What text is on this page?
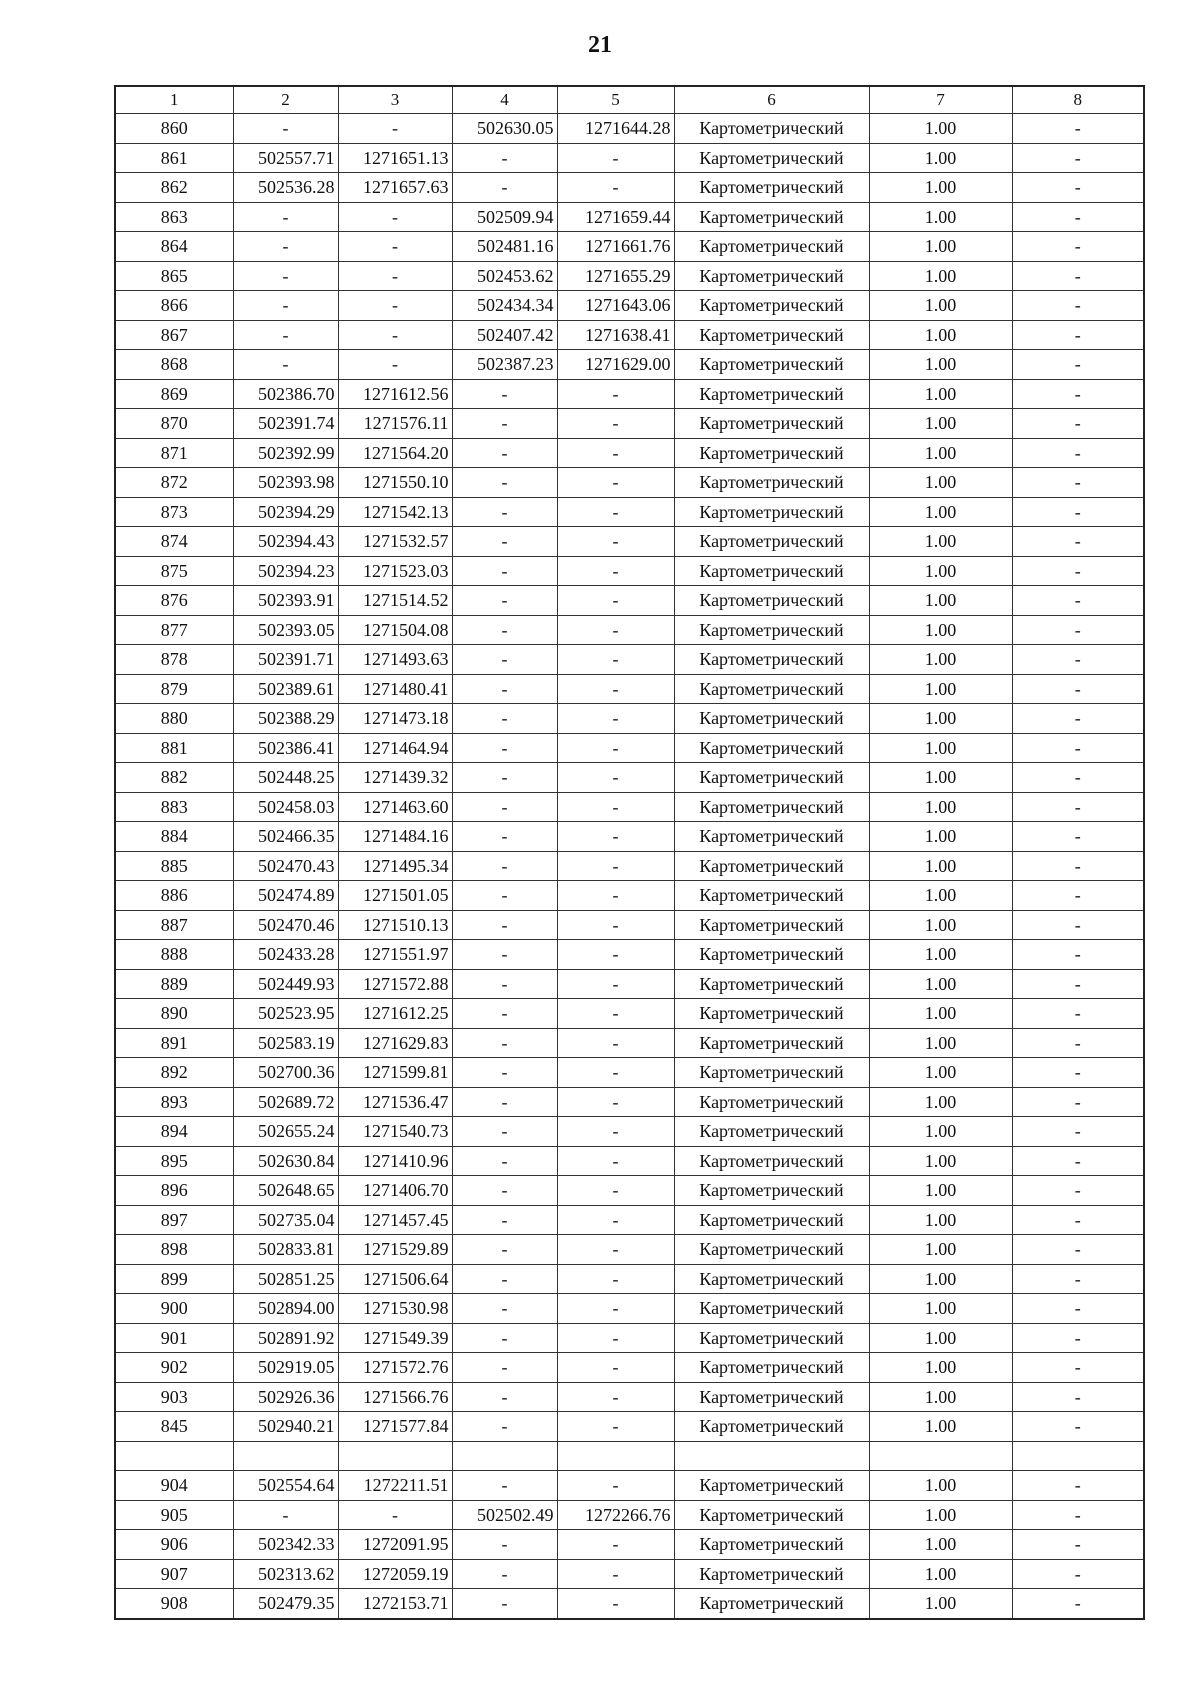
21
1	2	3	4	5	6	7	8
860	-	-	502630.05	1271644.28	Картометрический	1.00	-
861	502557.71	1271651.13	-	-	Картометрический	1.00	-
862	502536.28	1271657.63	-	-	Картометрический	1.00	-
863	-	-	502509.94	1271659.44	Картометрический	1.00	-
864	-	-	502481.16	1271661.76	Картометрический	1.00	-
865	-	-	502453.62	1271655.29	Картометрический	1.00	-
866	-	-	502434.34	1271643.06	Картометрический	1.00	-
867	-	-	502407.42	1271638.41	Картометрический	1.00	-
868	-	-	502387.23	1271629.00	Картометрический	1.00	-
869	502386.70	1271612.56	-	-	Картометрический	1.00	-
870	502391.74	1271576.11	-	-	Картометрический	1.00	-
871	502392.99	1271564.20	-	-	Картометрический	1.00	-
872	502393.98	1271550.10	-	-	Картометрический	1.00	-
873	502394.29	1271542.13	-	-	Картометрический	1.00	-
874	502394.43	1271532.57	-	-	Картометрический	1.00	-
875	502394.23	1271523.03	-	-	Картометрический	1.00	-
876	502393.91	1271514.52	-	-	Картометрический	1.00	-
877	502393.05	1271504.08	-	-	Картометрический	1.00	-
878	502391.71	1271493.63	-	-	Картометрический	1.00	-
879	502389.61	1271480.41	-	-	Картометрический	1.00	-
880	502388.29	1271473.18	-	-	Картометрический	1.00	-
881	502386.41	1271464.94	-	-	Картометрический	1.00	-
882	502448.25	1271439.32	-	-	Картометрический	1.00	-
883	502458.03	1271463.60	-	-	Картометрический	1.00	-
884	502466.35	1271484.16	-	-	Картометрический	1.00	-
885	502470.43	1271495.34	-	-	Картометрический	1.00	-
886	502474.89	1271501.05	-	-	Картометрический	1.00	-
887	502470.46	1271510.13	-	-	Картометрический	1.00	-
888	502433.28	1271551.97	-	-	Картометрический	1.00	-
889	502449.93	1271572.88	-	-	Картометрический	1.00	-
890	502523.95	1271612.25	-	-	Картометрический	1.00	-
891	502583.19	1271629.83	-	-	Картометрический	1.00	-
892	502700.36	1271599.81	-	-	Картометрический	1.00	-
893	502689.72	1271536.47	-	-	Картометрический	1.00	-
894	502655.24	1271540.73	-	-	Картометрический	1.00	-
895	502630.84	1271410.96	-	-	Картометрический	1.00	-
896	502648.65	1271406.70	-	-	Картометрический	1.00	-
897	502735.04	1271457.45	-	-	Картометрический	1.00	-
898	502833.81	1271529.89	-	-	Картометрический	1.00	-
899	502851.25	1271506.64	-	-	Картометрический	1.00	-
900	502894.00	1271530.98	-	-	Картометрический	1.00	-
901	502891.92	1271549.39	-	-	Картометрический	1.00	-
902	502919.05	1271572.76	-	-	Картометрический	1.00	-
903	502926.36	1271566.76	-	-	Картометрический	1.00	-
845	502940.21	1271577.84	-	-	Картометрический	1.00	-

904	502554.64	1272211.51	-	-	Картометрический	1.00	-
905	-	-	502502.49	1272266.76	Картометрический	1.00	-
906	502342.33	1272091.95	-	-	Картометрический	1.00	-
907	502313.62	1272059.19	-	-	Картометрический	1.00	-
908	502479.35	1272153.71	-	-	Картометрический	1.00	-
